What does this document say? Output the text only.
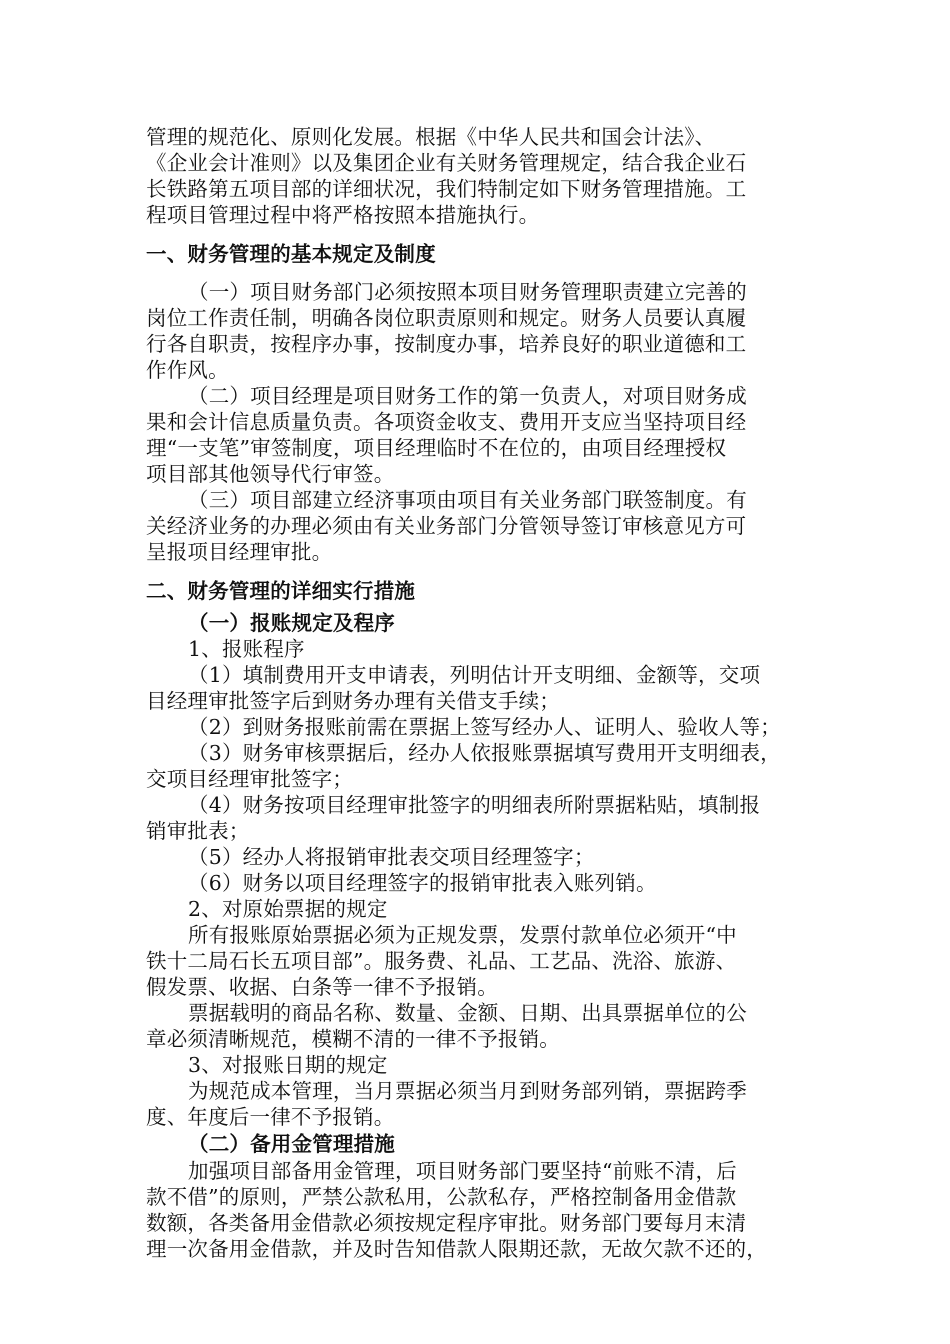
管理的规范化、原则化发展。根据《中华人民共和国会计法》、
《企业会计准则》以及集团企业有关财务管理规定，结合我企业石
长铁路第五项目部的详细状况，我们特制定如下财务管理措施。工
程项目管理过程中将严格按照本措施执行。
一、财务管理的基本规定及制度
（一）项目财务部门必须按照本项目财务管理职责建立完善的
岗位工作责任制，明确各岗位职责原则和规定。财务人员要认真履
行各自职责，按程序办事，按制度办事，培养良好的职业道德和工
作作风。
（二）项目经理是项目财务工作的第一负责人，对项目财务成
果和会计信息质量负责。各项资金收支、费用开支应当坚持项目经
理“一支笔”审签制度，项目经理临时不在位的，由项目经理授权
项目部其他领导代行审签。
（三）项目部建立经济事项由项目有关业务部门联签制度。有
关经济业务的办理必须由有关业务部门分管领导签订审核意见方可
呈报项目经理审批。
二、财务管理的详细实行措施
（一）报账规定及程序
1、报账程序
（1）填制费用开支申请表，列明估计开支明细、金额等，交项
目经理审批签字后到财务办理有关借支手续；
（2）到财务报账前需在票据上签写经办人、证明人、验收人等；
（3）财务审核票据后，经办人依报账票据填写费用开支明细表，
交项目经理审批签字；
（4）财务按项目经理审批签字的明细表所附票据粘贴，填制报
销审批表；
（5）经办人将报销审批表交项目经理签字；
（6）财务以项目经理签字的报销审批表入账列销。
2、对原始票据的规定
所有报账原始票据必须为正规发票，发票付款单位必须开“中
铁十二局石长五项目部”。服务费、礼品、工艺品、洗浴、旅游、
假发票、收据、白条等一律不予报销。
票据载明的商品名称、数量、金额、日期、出具票据单位的公
章必须清晰规范，模糊不清的一律不予报销。
3、对报账日期的规定
为规范成本管理，当月票据必须当月到财务部列销，票据跨季
度、年度后一律不予报销。
（二）备用金管理措施
加强项目部备用金管理，项目财务部门要坚持“前账不清，后
款不借”的原则，严禁公款私用，公款私存，严格控制备用金借款
数额，各类备用金借款必须按规定程序审批。财务部门要每月末清
理一次备用金借款，并及时告知借款人限期还款，无故欠款不还的，
